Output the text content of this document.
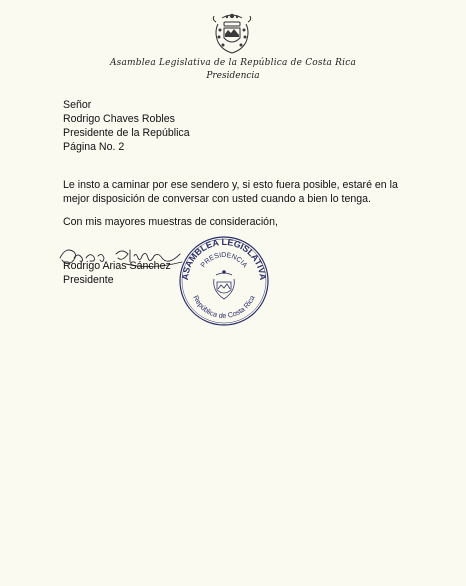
Asamblea Legislativa de la República de Costa Rica
Presidencia
Señor
Rodrigo Chaves Robles
Presidente de la República
Página No. 2
Le insto a caminar por ese sendero y, si esto fuera posible, estaré en la
mejor disposición de conversar con usted cuando a bien lo tenga.
Con mis mayores muestras de consideración,
Rodrigo Arias Sánchez
Presidente	ASAMBLEA LEGISLATIVA
PRESIDENCIA
República de Costa Rica
